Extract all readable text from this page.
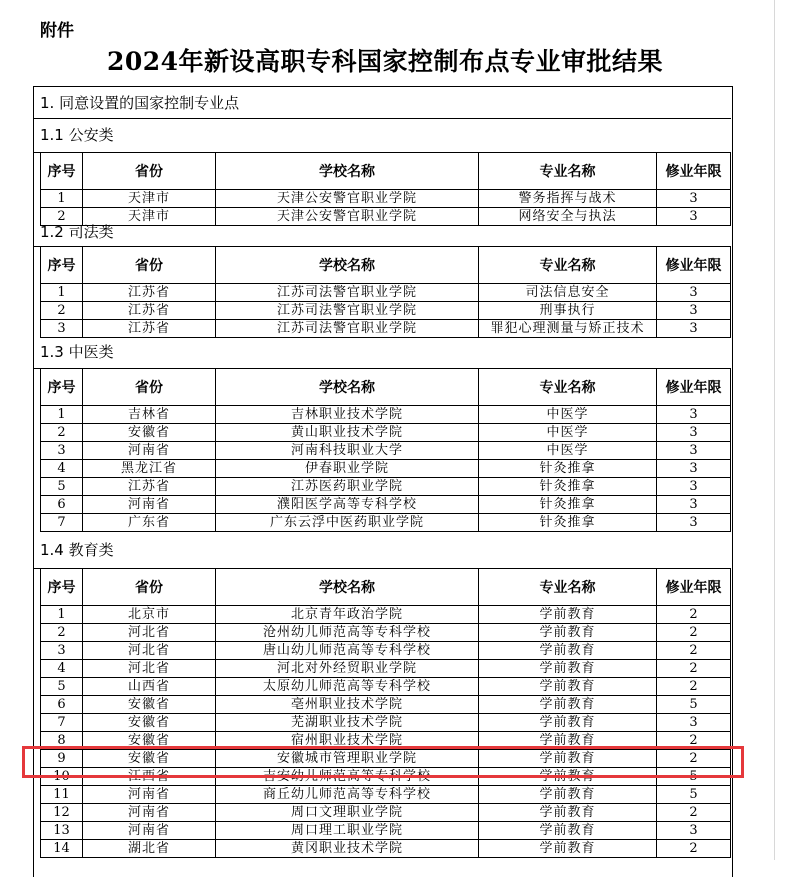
附件
2024年新设高职专科国家控制布点专业审批结果
1. 同意设置的国家控制专业点
1.1 公安类
序号	省份	学校名称	专业名称	修业年限
1	天津市	天津公安警官职业学院	警务指挥与战术	3
2	天津市	天津公安警官职业学院	网络安全与执法	3
1.2 司法类
序号	省份	学校名称	专业名称	修业年限
1	江苏省	江苏司法警官职业学院	司法信息安全	3
2	江苏省	江苏司法警官职业学院	刑事执行	3
3	江苏省	江苏司法警官职业学院	罪犯心理测量与矫正技术	3
1.3 中医类
序号	省份	学校名称	专业名称	修业年限
1	吉林省	吉林职业技术学院	中医学	3
2	安徽省	黄山职业技术学院	中医学	3
3	河南省	河南科技职业大学	中医学	3
4	黑龙江省	伊春职业学院	针灸推拿	3
5	江苏省	江苏医药职业学院	针灸推拿	3
6	河南省	濮阳医学高等专科学校	针灸推拿	3
7	广东省	广东云浮中医药职业学院	针灸推拿	3
1.4 教育类
序号	省份	学校名称	专业名称	修业年限
1	北京市	北京青年政治学院	学前教育	2
2	河北省	沧州幼儿师范高等专科学校	学前教育	2
3	河北省	唐山幼儿师范高等专科学校	学前教育	2
4	河北省	河北对外经贸职业学院	学前教育	2
5	山西省	太原幼儿师范高等专科学校	学前教育	2
6	安徽省	亳州职业技术学院	学前教育	5
7	安徽省	芜湖职业技术学院	学前教育	3
8	安徽省	宿州职业技术学院	学前教育	2
9	安徽省	安徽城市管理职业学院	学前教育	2
10	江西省	吉安幼儿师范高等专科学校	学前教育	5
11	河南省	商丘幼儿师范高等专科学校	学前教育	5
12	河南省	周口文理职业学院	学前教育	2
13	河南省	周口理工职业学院	学前教育	3
14	湖北省	黄冈职业技术学院	学前教育	2
